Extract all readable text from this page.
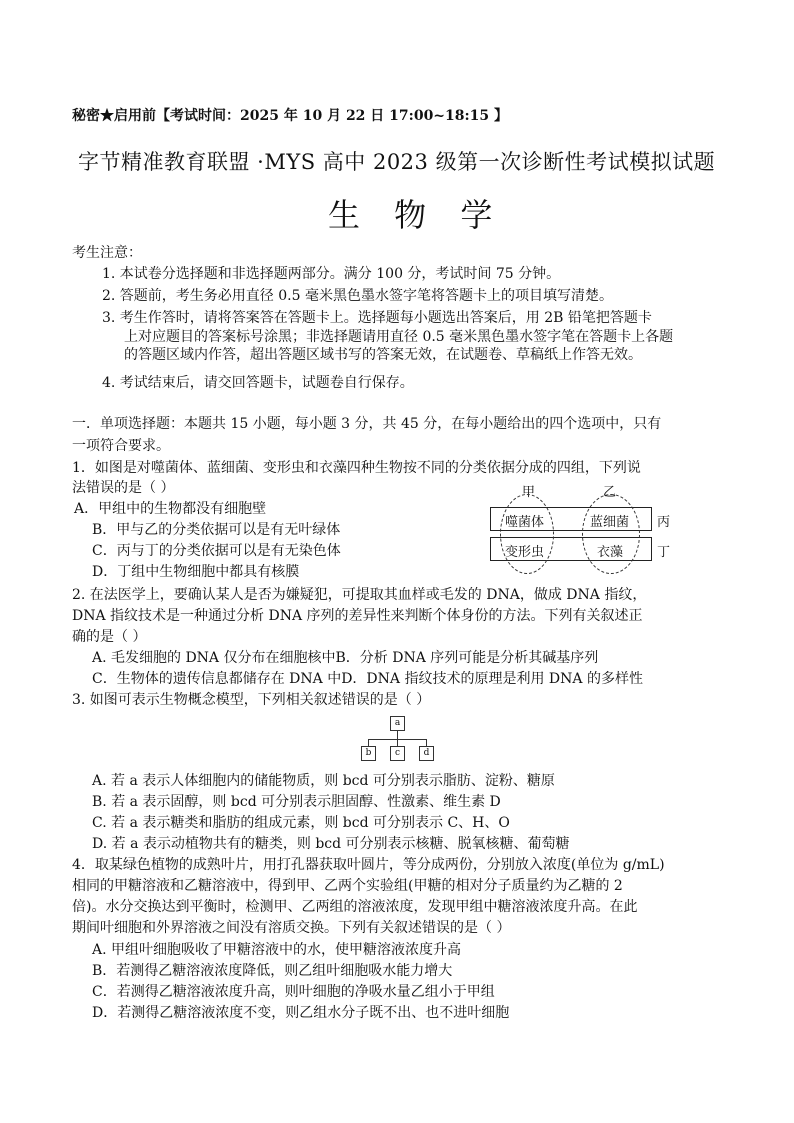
秘密★启用前【考试时间：2025 年 10 月 22 日 17:00~18:15 】
字节精准教育联盟 ·MYS 高中 2023 级第一次诊断性考试模拟试题
生 物 学
考生注意：
1. 本试卷分选择题和非选择题两部分。满分 100 分，考试时间 75 分钟。
2. 答题前，考生务必用直径 0.5 毫米黑色墨水签字笔将答题卡上的项目填写清楚。
3. 考生作答时，请将答案答在答题卡上。选择题每小题选出答案后，用 2B 铅笔把答题卡
上对应题目的答案标号涂黑；非选择题请用直径 0.5 毫米黑色墨水签字笔在答题卡上各题
的答题区域内作答，超出答题区域书写的答案无效，在试题卷、草稿纸上作答无效。
4. 考试结束后，请交回答题卡，试题卷自行保存。
一．单项选择题：本题共 15 小题，每小题 3 分，共 45 分，在每小题给出的四个选项中，只有
一项符合要求。
1．如图是对噬菌体、蓝细菌、变形虫和衣藻四种生物按不同的分类依据分成的四组，下列说
法错误的是（ ）
A．甲组中的生物都没有细胞壁
B．甲与乙的分类依据可以是有无叶绿体
C．丙与丁的分类依据可以是有无染色体
D．丁组中生物细胞中都具有核膜
甲	乙
丙
丁
噬菌体	蓝细菌
变形虫	衣藻
2. 在法医学上，要确认某人是否为嫌疑犯，可提取其血样或毛发的 DNA，做成 DNA 指纹，
DNA 指纹技术是一种通过分析 DNA 序列的差异性来判断个体身份的方法。下列有关叙述正
确的是（ ）
A. 毛发细胞的 DNA 仅分布在细胞核中B．分析 DNA 序列可能是分析其碱基序列
C．生物体的遗传信息都储存在 DNA 中D．DNA 指纹技术的原理是利用 DNA 的多样性
3. 如图可表示生物概念模型，下列相关叙述错误的是（ ）
a
b	c	d
A. 若 a 表示人体细胞内的储能物质，则 bcd 可分别表示脂肪、淀粉、糖原
B. 若 a 表示固醇，则 bcd 可分别表示胆固醇、性激素、维生素 D
C. 若 a 表示糖类和脂肪的组成元素，则 bcd 可分别表示 C、H、O
D. 若 a 表示动植物共有的糖类，则 bcd 可分别表示核糖、脱氧核糖、葡萄糖
4．取某绿色植物的成熟叶片，用打孔器获取叶圆片，等分成两份，分别放入浓度(单位为 g/mL)
相同的甲糖溶液和乙糖溶液中，得到甲、乙两个实验组(甲糖的相对分子质量约为乙糖的 2
倍)。水分交换达到平衡时，检测甲、乙两组的溶液浓度，发现甲组中糖溶液浓度升高。在此
期间叶细胞和外界溶液之间没有溶质交换。下列有关叙述错误的是（ ）
A. 甲组叶细胞吸收了甲糖溶液中的水，使甲糖溶液浓度升高
B．若测得乙糖溶液浓度降低，则乙组叶细胞吸水能力增大
C．若测得乙糖溶液浓度升高，则叶细胞的净吸水量乙组小于甲组
D．若测得乙糖溶液浓度不变，则乙组水分子既不出、也不进叶细胞
